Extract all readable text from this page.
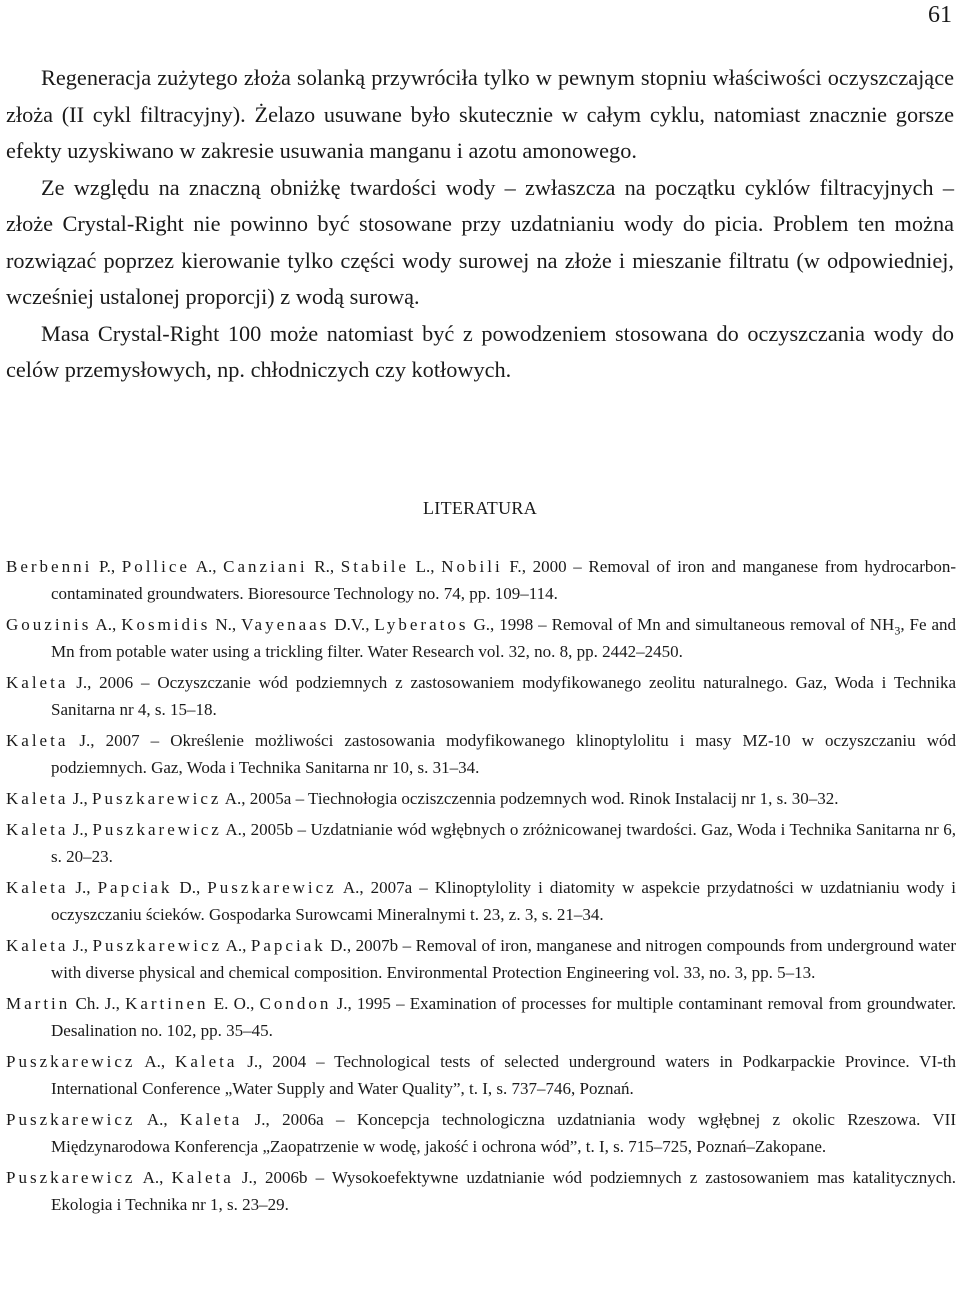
61

Regeneracja zużytego złoża solanką przywróciła tylko w pewnym stopniu właściwości oczyszczające złoża (II cykl filtracyjny). Żelazo usuwane było skutecznie w całym cyklu, natomiast znacznie gorsze efekty uzyskiwano w zakresie usuwania manganu i azotu amonowego.

Ze względu na znaczną obniżkę twardości wody – zwłaszcza na początku cyklów filtracyjnych – złoże Crystal-Right nie powinno być stosowane przy uzdatnianiu wody do picia. Problem ten można rozwiązać poprzez kierowanie tylko części wody surowej na złoże i mieszanie filtratu (w odpowiedniej, wcześniej ustalonej proporcji) z wodą surową.

Masa Crystal-Right 100 może natomiast być z powodzeniem stosowana do oczyszczania wody do celów przemysłowych, np. chłodniczych czy kotłowych.

LITERATURA

Berbenni P., Pollice A., Canziani R., Stabile L., Nobili F., 2000 – Removal of iron and manganese from hydrocarbon-contaminated groundwaters. Bioresource Technology no. 74, pp. 109–114.

Gouzinis A., Kosmidis N., Vayenaas D.V., Lyberatos G., 1998 – Removal of Mn and simultaneous removal of $NH_3$, Fe and Mn from potable water using a trickling filter. Water Research vol. 32, no. 8, pp. 2442–2450.

Kaleta J., 2006 – Oczyszczanie wód podziemnych z zastosowaniem modyfikowanego zeolitu naturalnego. Gaz, Woda i Technika Sanitarna nr 4, s. 15–18.

Kaleta J., 2007 – Określenie możliwości zastosowania modyfikowanego klinoptylolitu i masy MZ-10 w oczyszczaniu wód podziemnych. Gaz, Woda i Technika Sanitarna nr 10, s. 31–34.

Kaleta J., Puszkarewicz A., 2005a – Tiechnołogia ocziszczennia podzemnych wod. Rinok Instalacij nr 1, s. 30–32.

Kaleta J., Puszkarewicz A., 2005b – Uzdatnianie wód wgłębnych o zróżnicowanej twardości. Gaz, Woda i Technika Sanitarna nr 6, s. 20–23.

Kaleta J., Papciak D., Puszkarewicz A., 2007a – Klinoptylolity i diatomity w aspekcie przydatności w uzdatnianiu wody i oczyszczaniu ścieków. Gospodarka Surowcami Mineralnymi t. 23, z. 3, s. 21–34.

Kaleta J., Puszkarewicz A., Papciak D., 2007b – Removal of iron, manganese and nitrogen compounds from underground water with diverse physical and chemical composition. Environmental Protection Engineering vol. 33, no. 3, pp. 5–13.

Martin Ch. J., Kartinen E. O., Condon J., 1995 – Examination of processes for multiple contaminant removal from groundwater. Desalination no. 102, pp. 35–45.

Puszkarewicz A., Kaleta J., 2004 – Technological tests of selected underground waters in Podkarpackie Province. VI-th International Conference „Water Supply and Water Quality”, t. I, s. 737–746, Poznań.

Puszkarewicz A., Kaleta J., 2006a – Koncepcja technologiczna uzdatniania wody wgłębnej z okolic Rzeszowa. VII Międzynarodowa Konferencja „Zaopatrzenie w wodę, jakość i ochrona wód”, t. I, s. 715–725, Poznań–Zakopane.

Puszkarewicz A., Kaleta J., 2006b – Wysokoefektywne uzdatnianie wód podziemnych z zastosowaniem mas katalitycznych. Ekologia i Technika nr 1, s. 23–29.
